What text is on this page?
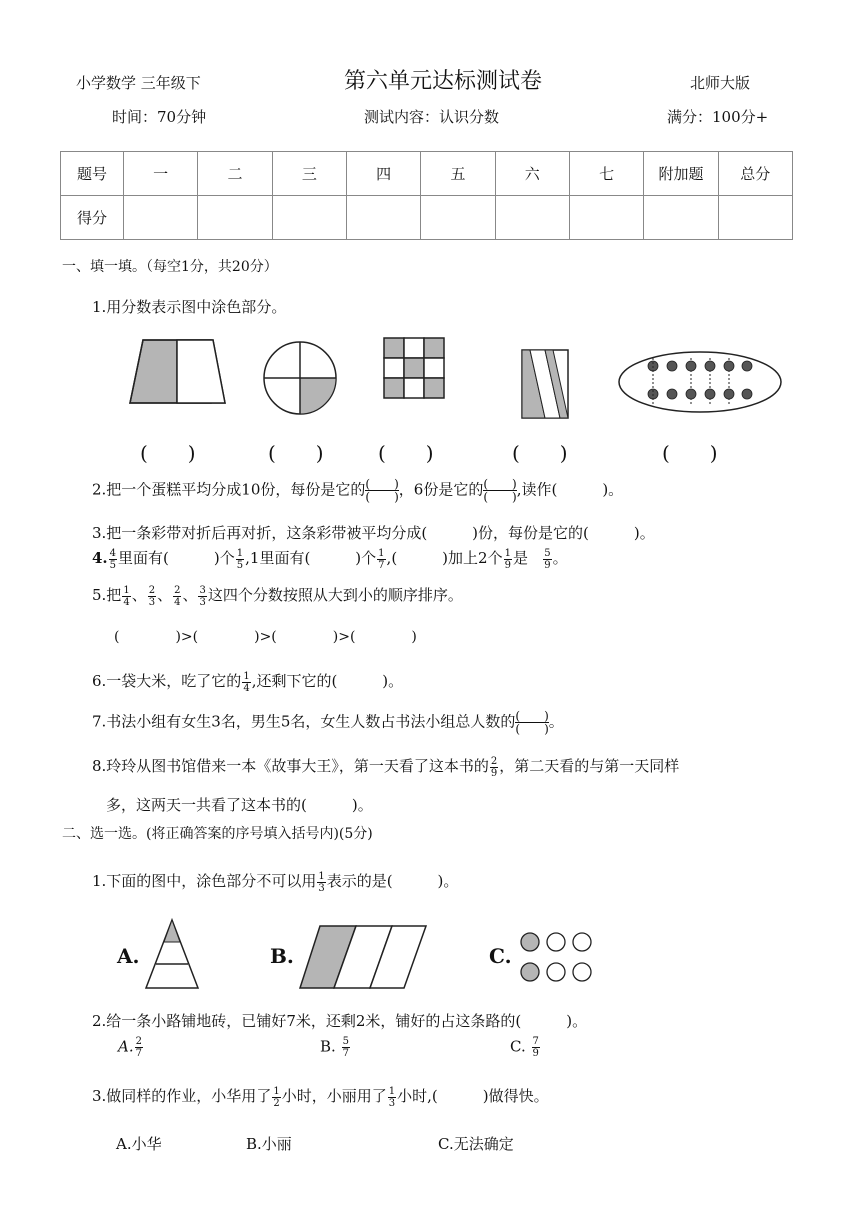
小学数学 三年级下	第六单元达标测试卷	北师大版
时间：70分钟	测试内容：认识分数	满分：100分+
题号	一	二	三	四	五	六	七	附加题	总分
得分									
一、填一填。（每空1分，共20分）
1.用分数表示图中涂色部分。
(　　)	(　　)	(　　)	(　　)	(　　)
2.把一个蛋糕平均分成10份，每份是它的 (　　)
(　　) ，6份是它的 (　　)
(　　) ,读作(　　　)。
3.把一条彩带对折后再对折，这条彩带被平均分成(　　　)份，每份是它的(　　　)。
4. $\frac{4}{5}$ 里面有(　　　)个 $\frac{1}{5} ,1$里面有(　　　)个 $\frac{1}{7}$ ,(　　　)加上2个 $\frac{1}{9}$ 是 $\frac{5}{9}$ 。
5.把 $\frac{1}{4}$ 、 $\frac{2}{3}$ 、 $\frac{2}{4}$ 、 $\frac{3}{3}$ 这四个分数按照从大到小的顺序排序。
(　　　　)>(　　　　)>(　　　　)>(　　　　)
6.一袋大米，吃了它的 $\frac{1}{4}$ ,还剩下它的(　　　)。
7.书法小组有女生3名，男生5名，女生人数占书法小组总人数的 (　　)
(　　) 。
8.玲玲从图书馆借来一本《故事大王》，第一天看了这本书的 $\frac{2}{9}$ ，第二天看的与第一天同样
多，这两天一共看了这本书的(　　　)。
二、选一选。(将正确答案的序号填入括号内)(5分)
1.下面的图中，涂色部分不可以用 $\frac{1}{3}$ 表示的是(　　　)。
A.	B.	C.
2.给一条小路铺地砖，已铺好7米，还剩2米，铺好的占这条路的(　　　)。
A. $\frac{2}{7}$	B. $\frac{5}{7}$	C. $\frac{7}{9}$
3.做同样的作业，小华用了 $\frac{1}{2}$ 小时，小丽用了 $\frac{1}{3}$ 小时,(　　　)做得快。
A.小华	B.小丽	C.无法确定
